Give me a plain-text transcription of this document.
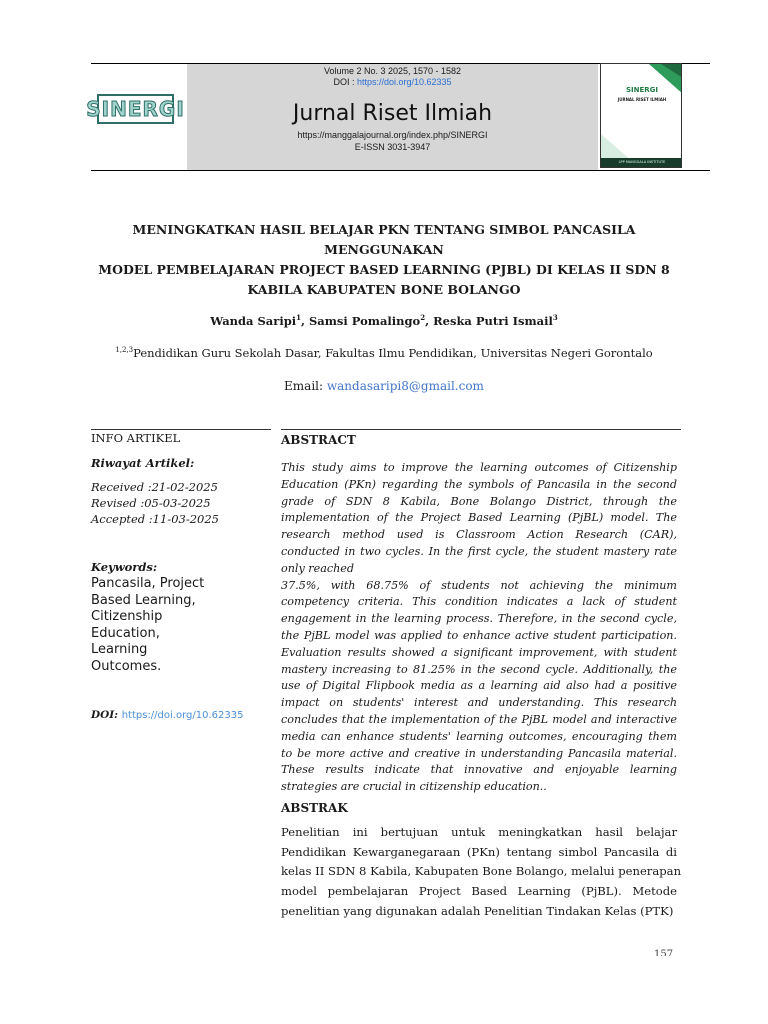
SINERGI
Volume 2 No. 3 2025, 1570 - 1582
DOI : https://doi.org/10.62335
Jurnal Riset Ilmiah
https://manggalajournal.org/index.php/SINERGI
E-ISSN 3031-3947
SINERGI
JURNAL RISET ILMIAH
LPP MANGGALA INSTITUTE
MENINGKATKAN HASIL BELAJAR PKN TENTANG SIMBOL PANCASILA MENGGUNAKAN
MODEL PEMBELAJARAN PROJECT BASED LEARNING (PJBL) DI KELAS II SDN 8
KABILA KABUPATEN BONE BOLANGO
Wanda Saripi$^1$, Samsi Pomalingo$^2$, Reska Putri Ismail$^3$
$^{1,2,3}$Pendidikan Guru Sekolah Dasar, Fakultas Ilmu Pendidikan, Universitas Negeri Gorontalo
Email: wandasaripi8@gmail.com
INFO ARTIKEL
Riwayat Artikel:
Received :21-02-2025
Revised :05-03-2025
Accepted :11-03-2025
Keywords:
Pancasila, Project
Based Learning,
Citizenship
Education,
Learning
Outcomes.
DOI: https://doi.org/10.62335
ABSTRACT
This study aims to improve the learning outcomes of Citizenship
Education (PKn) regarding the symbols of Pancasila in the second
grade of SDN 8 Kabila, Bone Bolango District, through the
implementation of the Project Based Learning (PjBL) model. The
research method used is Classroom Action Research (CAR),
conducted in two cycles. In the first cycle, the student mastery rate
only reached
37.5%, with 68.75% of students not achieving the minimum
competency criteria. This condition indicates a lack of student
engagement in the learning process. Therefore, in the second cycle,
the PjBL model was applied to enhance active student participation.
Evaluation results showed a significant improvement, with student
mastery increasing to 81.25% in the second cycle. Additionally, the
use of Digital Flipbook media as a learning aid also had a positive
impact on students' interest and understanding. This research
concludes that the implementation of the PjBL model and interactive
media can enhance students' learning outcomes, encouraging them
to be more active and creative in understanding Pancasila material.
These results indicate that innovative and enjoyable learning
strategies are crucial in citizenship education..
ABSTRAK
Penelitian ini bertujuan untuk meningkatkan hasil belajar
Pendidikan Kewarganegaraan (PKn) tentang simbol Pancasila di
kelas II SDN 8 Kabila, Kabupaten Bone Bolango, melalui penerapan
model pembelajaran Project Based Learning (PjBL). Metode
penelitian yang digunakan adalah Penelitian Tindakan Kelas (PTK)
157
